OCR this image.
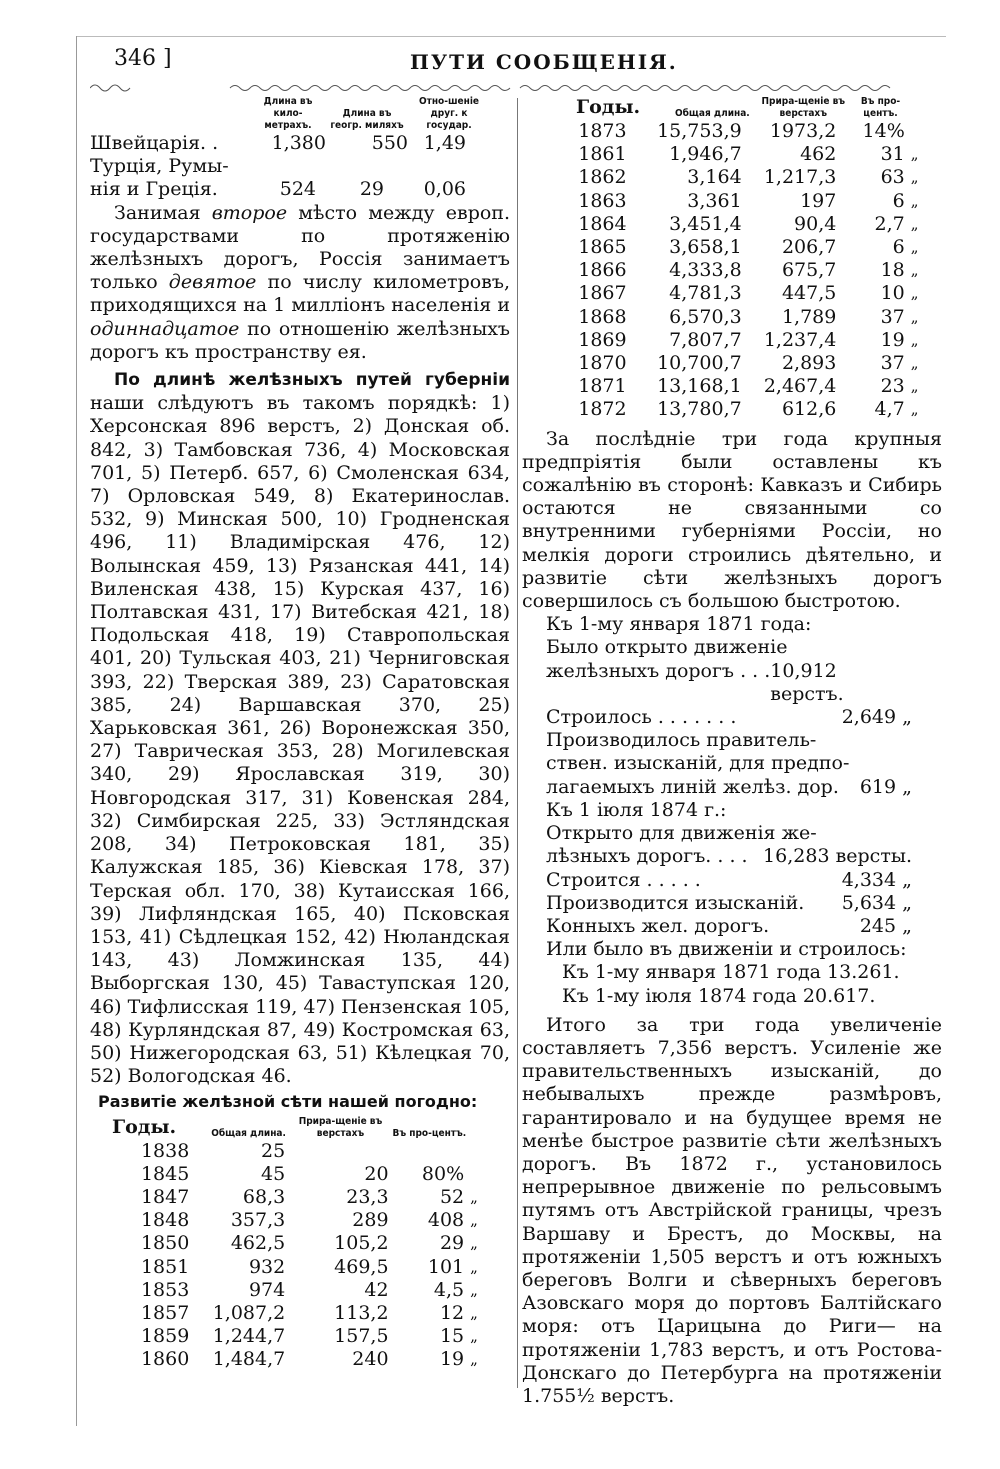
346 ]	ПУТИ СООБЩЕНІЯ.
	Длина въ кило-метрахъ.	Длина въ геогр. миляхъ	Отно-шеніе друг. к государ.
Швейцарія. .	1,380	550	1,49
Турція, Румы-			
нія и Греція.	524	29	0,06

Занимая второе мѣсто между европ. государствами по протяженію желѣзныхъ дорогъ, Россія занимаетъ только девятое по числу километровъ, приходящихся на 1 милліонъ населенія и одиннадцатое по отношенію желѣзныхъ дорогъ къ пространству ея.

По длинѣ желѣзныхъ путей губерніи наши слѣдуютъ въ такомъ порядкѣ: 1) Херсонская 896 верстъ, 2) Донская об. 842, 3) Тамбовская 736, 4) Московская 701, 5) Петерб. 657, 6) Смоленская 634, 7) Орловская 549, 8) Екатеринослав. 532, 9) Минская 500, 10) Гродненская 496, 11) Владимірская 476, 12) Волынская 459, 13) Рязанская 441, 14) Виленская 438, 15) Курская 437, 16) Полтавская 431, 17) Витебская 421, 18) Подольская 418, 19) Ставропольская 401, 20) Тульская 403, 21) Черниговская 393, 22) Тверская 389, 23) Саратовская 385, 24) Варшавская 370, 25) Харьковская 361, 26) Воронежская 350, 27) Таврическая 353, 28) Могилевская 340, 29) Ярославская 319, 30) Новгородская 317, 31) Ковенская 284, 32) Симбирская 225, 33) Эстляндская 208, 34) Петроковская 181, 35) Калужская 185, 36) Кіевская 178, 37) Терская обл. 170, 38) Кутаисская 166, 39) Лифляндская 165, 40) Псковская 153, 41) Сѣдлецкая 152, 42) Нюландская 143, 43) Ломжинская 135, 44) Выборгская 130, 45) Таваступская 120, 46) Тифлисская 119, 47) Пензенская 105, 48) Курляндская 87, 49) Костромская 63, 50) Нижегородская 63, 51) Кѣлецкая 70, 52) Вологодская 46.

Развитіе желѣзной сѣти нашей погодно:
Годы.	Общая длина.	Прира-щеніе въ верстахъ	Въ про-центъ.	
1838	25			
1845	45	20	80%	
1847	68,3	23,3	52	„
1848	357,3	289	408	„
1850	462,5	105,2	29	„
1851	932	469,5	101	„
1853	974	42	4,5	„
1857	1,087,2	113,2	12	„
1859	1,244,7	157,5	15	„
1860	1,484,7	240	19	„
Годы.	Общая длина.	Прира-щеніе въ верстахъ	Въ про-центъ.	
1873	15,753,9	1973,2	14%	
1861	1,946,7	462	31	„
1862	3,164	1,217,3	63	„
1863	3,361	197	6	„
1864	3,451,4	90,4	2,7	„
1865	3,658,1	206,7	6	„
1866	4,333,8	675,7	18	„
1867	4,781,3	447,5	10	„
1868	6,570,3	1,789	37	„
1869	7,807,7	1,237,4	19	„
1870	10,700,7	2,893	37	„
1871	13,168,1	2,467,4	23	„
1872	13,780,7	612,6	4,7	„

За послѣдніе три года крупныя предпріятія были оставлены къ сожалѣнію въ сторонѣ: Кавказъ и Сибирь остаются не связанными со внутренними губерніями Россіи, но мелкія дороги строились дѣятельно, и развитіе сѣти желѣзныхъ дорогъ совершилось съ большою быстротою.

Къ 1-му января 1871 года:
Было открыто движеніе
желѣзныхъ дорогъ . . . 10,912 верстъ.
Строилось . . . . . . .	2,649 „
Производилось правитель-
ствен. изысканій, для предпо-
лагаемыхъ линій желѣз. дор. 619 „
Къ 1 іюля 1874 г.:
Открыто для движенія же-
лѣзныхъ дорогъ. . . . 16,283 версты.
Строится . . . . .	4,334 „
Производится изысканій. 5,634 „
Конныхъ жел. дорогъ.	245 „
Или было въ движеніи и строилось:
Къ 1-му января 1871 года 13.261.
Къ 1-му іюля 1874 года 20.617.

Итого за три года увеличеніе составляетъ 7,356 верстъ. Усиленіе же правительственныхъ изысканій, до небывалыхъ прежде размѣровъ, гарантировало и на будущее время не менѣе быстрое развитіе сѣти желѣзныхъ дорогъ. Въ 1872 г., установилось непрерывное движеніе по рельсовымъ путямъ отъ Австрійской границы, чрезъ Варшаву и Брестъ, до Москвы, на протяженіи 1,505 верстъ и отъ южныхъ береговъ Волги и сѣверныхъ береговъ Азовскаго моря до портовъ Балтійскаго моря: отъ Царицына до Риги— на протяженіи 1,783 верстъ, и отъ Ростова-Донскаго до Петербурга на протяженіи 1.755½ верстъ.
